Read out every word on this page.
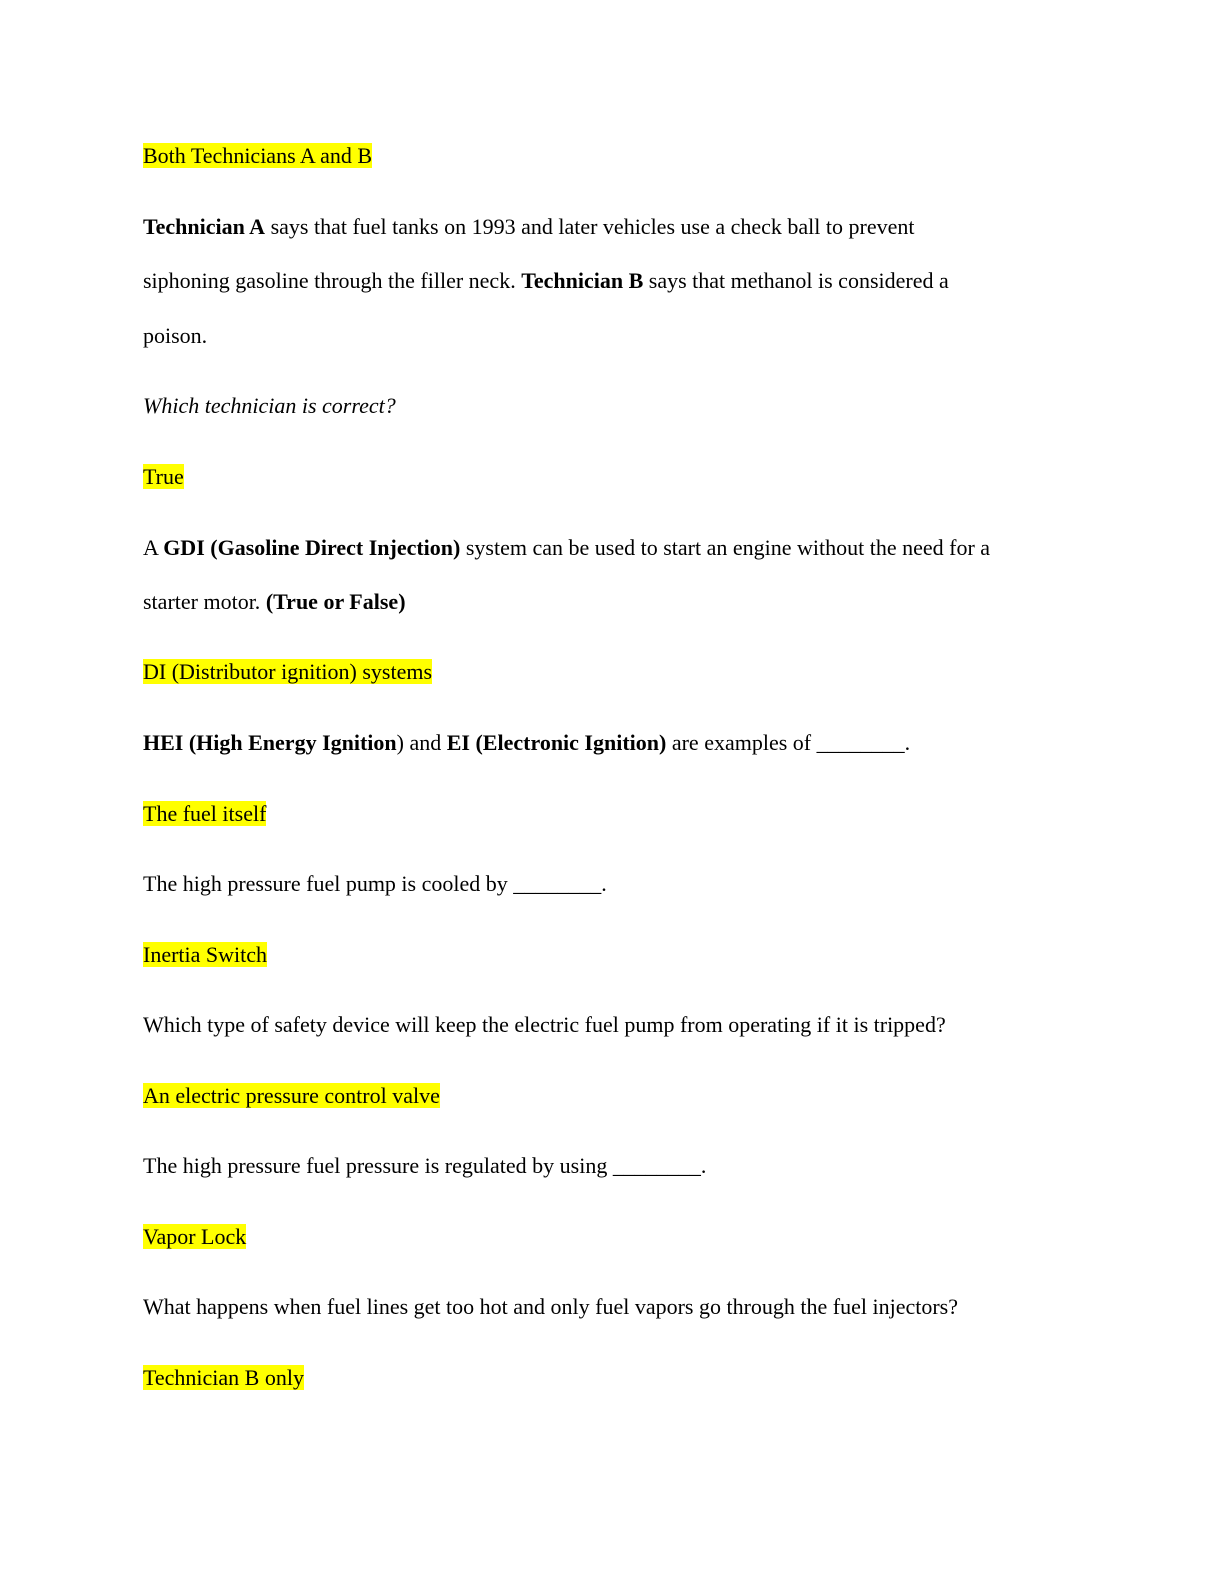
Both Technicians A and B
Technician A says that fuel tanks on 1993 and later vehicles use a check ball to prevent
siphoning gasoline through the filler neck. Technician B says that methanol is considered a
poison.
Which technician is correct?
True
A GDI (Gasoline Direct Injection) system can be used to start an engine without the need for a
starter motor. (True or False)
DI (Distributor ignition) systems
HEI (High Energy Ignition) and EI (Electronic Ignition) are examples of ________.
The fuel itself
The high pressure fuel pump is cooled by ________.
Inertia Switch
Which type of safety device will keep the electric fuel pump from operating if it is tripped?
An electric pressure control valve
The high pressure fuel pressure is regulated by using ________.
Vapor Lock
What happens when fuel lines get too hot and only fuel vapors go through the fuel injectors?
Technician B only
